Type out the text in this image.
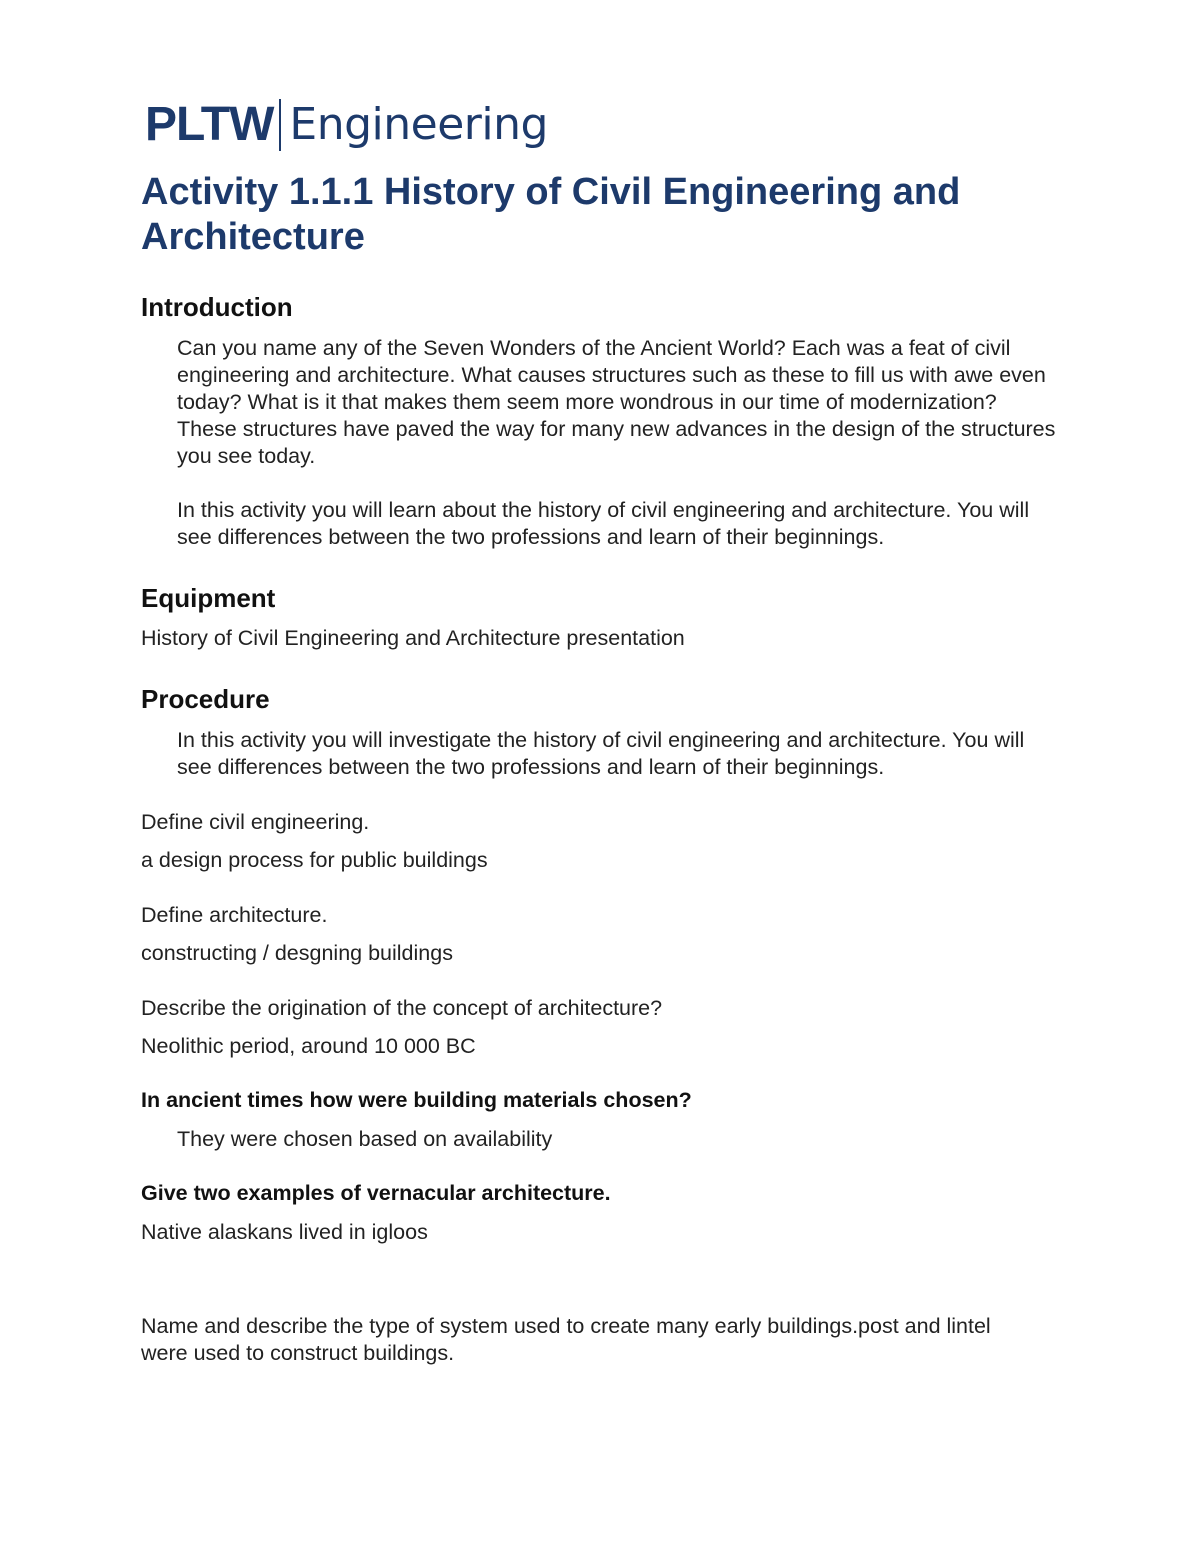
PLTW Engineering
Activity 1.1.1 History of Civil Engineering and Architecture
Introduction

Can you name any of the Seven Wonders of the Ancient World? Each was a feat of civil engineering and architecture. What causes structures such as these to fill us with awe even today? What is it that makes them seem more wondrous in our time of modernization? These structures have paved the way for many new advances in the design of the structures you see today.

In this activity you will learn about the history of civil engineering and architecture. You will see differences between the two professions and learn of their beginnings.

Equipment

History of Civil Engineering and Architecture presentation

Procedure

In this activity you will investigate the history of civil engineering and architecture. You will see differences between the two professions and learn of their beginnings.

Define civil engineering.

a design process for public buildings

Define architecture.

constructing / desgning buildings

Describe the origination of the concept of architecture?

Neolithic period, around 10 000 BC

In ancient times how were building materials chosen?

They were chosen based on availability

Give two examples of vernacular architecture.

Native alaskans lived in igloos

Name and describe the type of system used to create many early buildings.post and lintel were used to construct buildings.
